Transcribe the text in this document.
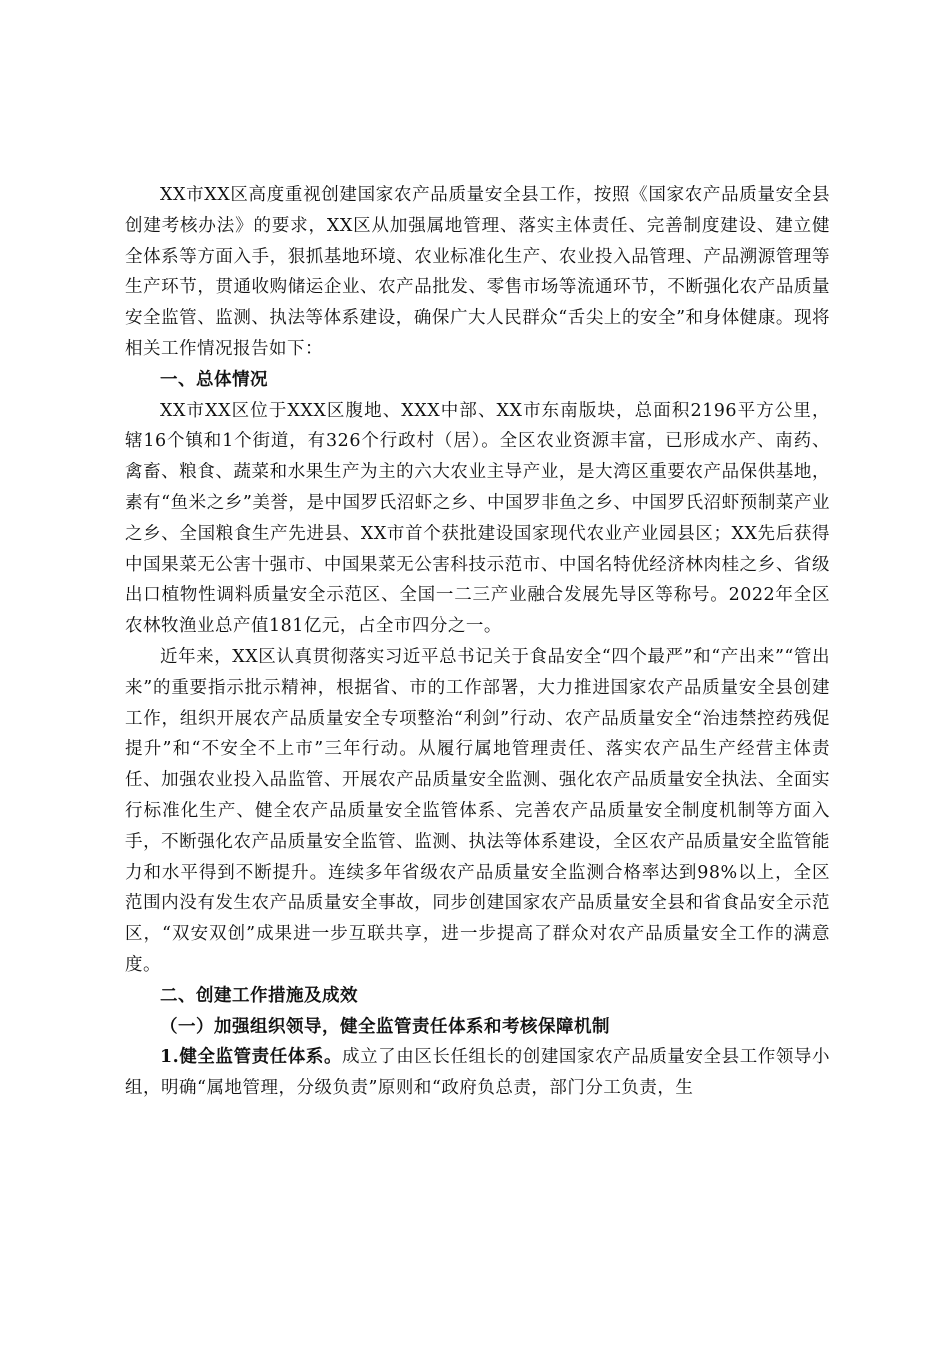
XX市XX区高度重视创建国家农产品质量安全县工作，按照《国家农产品质量安全县创建考核办法》的要求，XX区从加强属地管理、落实主体责任、完善制度建设、建立健全体系等方面入手，狠抓基地环境、农业标准化生产、农业投入品管理、产品溯源管理等生产环节，贯通收购储运企业、农产品批发、零售市场等流通环节，不断强化农产品质量安全监管、监测、执法等体系建设，确保广大人民群众“舌尖上的安全”和身体健康。现将相关工作情况报告如下：

一、总体情况

XX市XX区位于XXX区腹地、XXX中部、XX市东南版块，总面积2196平方公里，辖16个镇和1个街道，有326个行政村（居）。全区农业资源丰富，已形成水产、南药、禽畜、粮食、蔬菜和水果生产为主的六大农业主导产业，是大湾区重要农产品保供基地，素有“鱼米之乡”美誉，是中国罗氏沼虾之乡、中国罗非鱼之乡、中国罗氏沼虾预制菜产业之乡、全国粮食生产先进县、XX市首个获批建设国家现代农业产业园县区；XX先后获得中国果菜无公害十强市、中国果菜无公害科技示范市、中国名特优经济林肉桂之乡、省级出口植物性调料质量安全示范区、全国一二三产业融合发展先导区等称号。2022年全区农林牧渔业总产值181亿元，占全市四分之一。

近年来，XX区认真贯彻落实习近平总书记关于食品安全“四个最严”和“产出来”“管出来”的重要指示批示精神，根据省、市的工作部署，大力推进国家农产品质量安全县创建工作，组织开展农产品质量安全专项整治“利剑”行动、农产品质量安全“治违禁控药残促提升”和“不安全不上市”三年行动。从履行属地管理责任、落实农产品生产经营主体责任、加强农业投入品监管、开展农产品质量安全监测、强化农产品质量安全执法、全面实行标准化生产、健全农产品质量安全监管体系、完善农产品质量安全制度机制等方面入手，不断强化农产品质量安全监管、监测、执法等体系建设，全区农产品质量安全监管能力和水平得到不断提升。连续多年省级农产品质量安全监测合格率达到98%以上，全区范围内没有发生农产品质量安全事故，同步创建国家农产品质量安全县和省食品安全示范区，“双安双创”成果进一步互联共享，进一步提高了群众对农产品质量安全工作的满意度。

二、创建工作措施及成效

（一）加强组织领导，健全监管责任体系和考核保障机制

1.健全监管责任体系。成立了由区长任组长的创建国家农产品质量安全县工作领导小组，明确“属地管理，分级负责”原则和“政府负总责，部门分工负责，生
